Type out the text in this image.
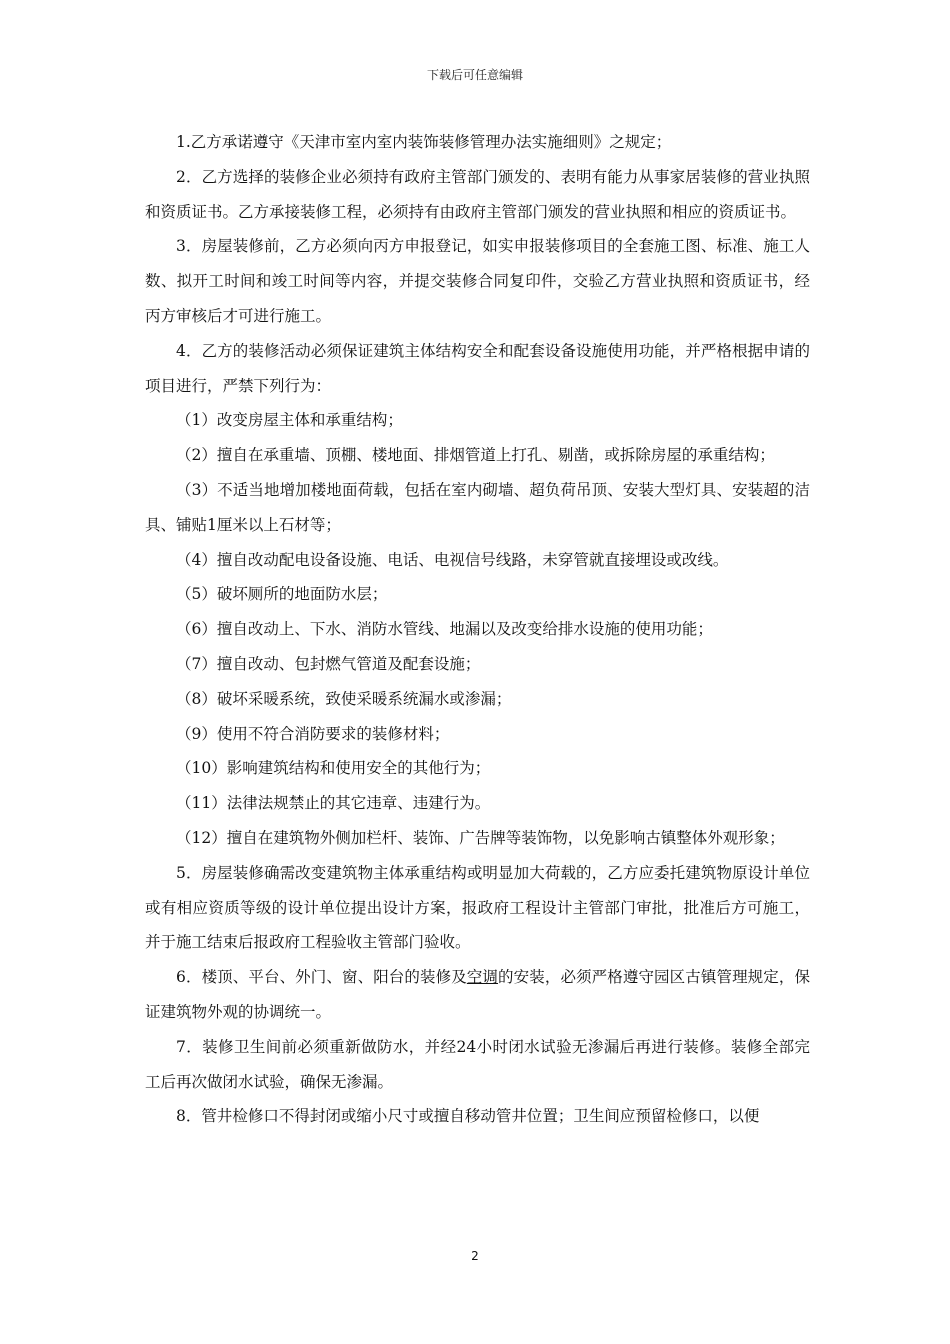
下载后可任意编辑

1.乙方承诺遵守《天津市室内室内装饰装修管理办法实施细则》之规定；

2．乙方选择的装修企业必须持有政府主管部门颁发的、表明有能力从事家居装修的营业执照和资质证书。乙方承接装修工程，必须持有由政府主管部门颁发的营业执照和相应的资质证书。

3．房屋装修前，乙方必须向丙方申报登记，如实申报装修项目的全套施工图、标准、施工人数、拟开工时间和竣工时间等内容，并提交装修合同复印件，交验乙方营业执照和资质证书，经丙方审核后才可进行施工。

4．乙方的装修活动必须保证建筑主体结构安全和配套设备设施使用功能，并严格根据申请的项目进行，严禁下列行为：

（1）改变房屋主体和承重结构；

（2）擅自在承重墙、顶棚、楼地面、排烟管道上打孔、剔凿，或拆除房屋的承重结构；

（3）不适当地增加楼地面荷载，包括在室内砌墙、超负荷吊顶、安装大型灯具、安装超的洁具、铺贴1厘米以上石材等；

（4）擅自改动配电设备设施、电话、电视信号线路，未穿管就直接埋设或改线。

（5）破坏厕所的地面防水层；

（6）擅自改动上、下水、消防水管线、地漏以及改变给排水设施的使用功能；

（7）擅自改动、包封燃气管道及配套设施；

（8）破坏采暖系统，致使采暖系统漏水或渗漏；

（9）使用不符合消防要求的装修材料；

（10）影响建筑结构和使用安全的其他行为；

（11）法律法规禁止的其它违章、违建行为。

（12）擅自在建筑物外侧加栏杆、装饰、广告牌等装饰物，以免影响古镇整体外观形象；

5．房屋装修确需改变建筑物主体承重结构或明显加大荷载的，乙方应委托建筑物原设计单位或有相应资质等级的设计单位提出设计方案，报政府工程设计主管部门审批，批准后方可施工，并于施工结束后报政府工程验收主管部门验收。

6．楼顶、平台、外门、窗、阳台的装修及空调的安装，必须严格遵守园区古镇管理规定，保证建筑物外观的协调统一。

7．装修卫生间前必须重新做防水，并经24小时闭水试验无渗漏后再进行装修。装修全部完工后再次做闭水试验，确保无渗漏。

8．管井检修口不得封闭或缩小尺寸或擅自移动管井位置；卫生间应预留检修口，以便

2
